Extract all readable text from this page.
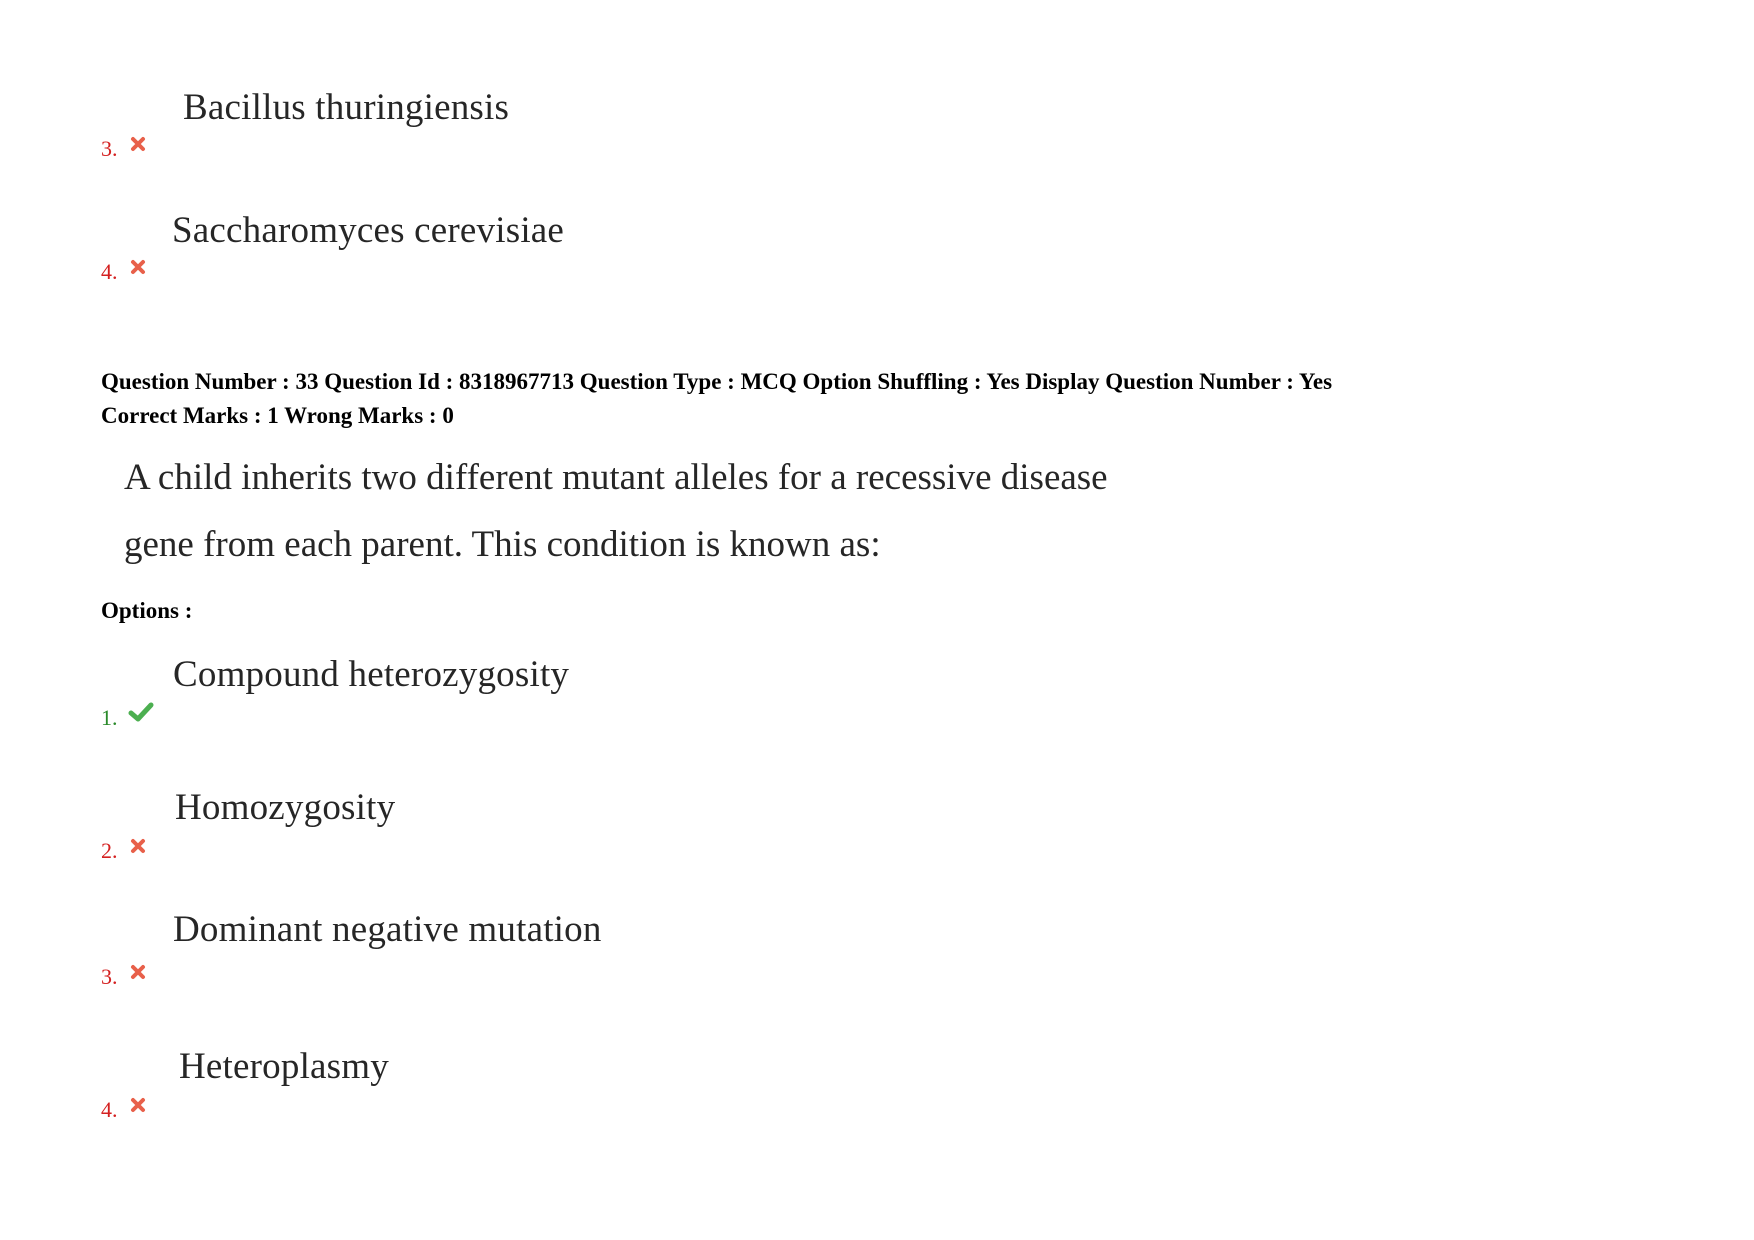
Bacillus thuringiensis
3.
Saccharomyces cerevisiae
4.
Question Number : 33 Question Id : 8318967713 Question Type : MCQ Option Shuffling : Yes Display Question Number : Yes
Correct Marks : 1 Wrong Marks : 0
A child inherits two different mutant alleles for a recessive disease
gene from each parent. This condition is known as:
Options :
Compound heterozygosity
1.
Homozygosity
2.
Dominant negative mutation
3.
Heteroplasmy
4.
